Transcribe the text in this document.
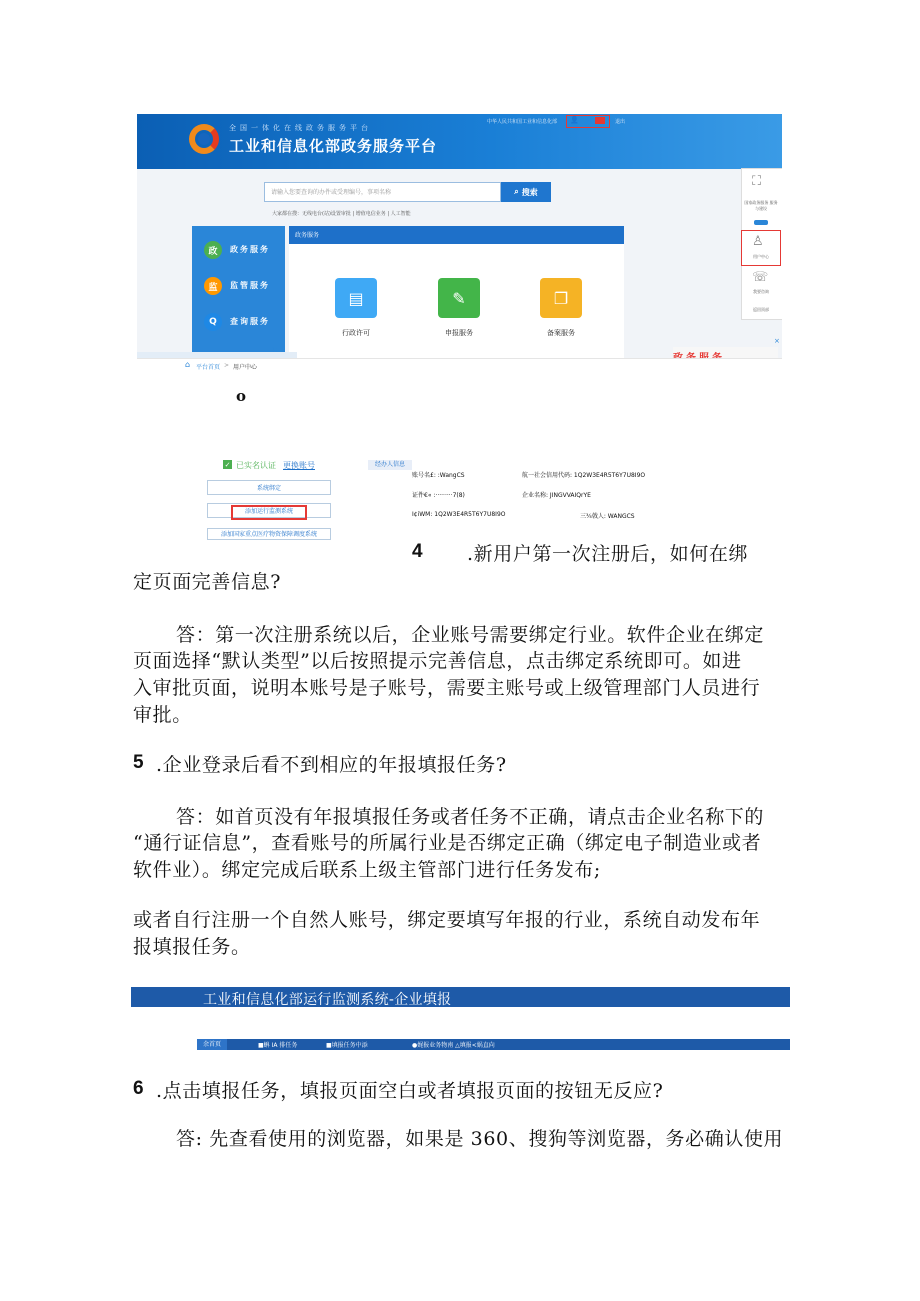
全国一体化在线政务服务平台
工业和信息化部政务服务平台
中华人民共和国工业和信息化部 👤	退出
请输入您要查询的办件或受理编号，事项名称	⌕ 搜索
大家都在搜：无线电台(站)设置审批 | 增值电信业务 | 人工智能
政	政务服务
监	监管服务
Q	查询服务
政务服务
▤
行政许可
✎
申报服务
❐
备案服务
⛶
国家政务服务 服务与建设
♙
用户中心
☏
我要咨询
返回顶部
×
×
⌂ 平台首页 > 用户中心
o
✓ 已实名认证 更换账号
系统绑定
添加运行监测系统
添加国家重点医疗物资保障调度系统
经办人信息
账号名£: :WangCS	航一社会信用代码: 1Q2W3E4R5T6Y7U8I9O
证件€« :·········7(8)	企业名称: JINGVVAIQrYE
I¢iWM: 1Q2W3E4R5T6Y7U8I9O	三¾戟人: WANGCS
4 .新用户第一次注册后，如何在绑
定页面完善信息?
答：第一次注册系统以后，企业账号需要绑定行业。软件企业在绑定
页面选择“默认类型”以后按照提示完善信息，点击绑定系统即可。如进
入审批页面，说明本账号是子账号，需要主账号或上级管理部门人员进行
审批。
5 .企业登录后看不到相应的年报填报任务?
答：如首页没有年报填报任务或者任务不正确，请点击企业名称下的
“通行证信息”，查看账号的所属行业是否绑定正确（绑定电子制造业或者
软件业）。绑定完成后联系上级主管部门进行任务发布;
或者自行注册一个自然人账号，绑定要填写年报的行业，系统自动发布年
报填报任务。
工业和信息化部运行监测系统-企业填报
余首页	■蝌 IA 排任务	■填报任务中添	●娓报业务物南 △填报<娲直向
6 .点击填报任务，填报页面空白或者填报页面的按钮无反应?
答: 先查看使用的浏览器，如果是 360、搜狗等浏览器，务必确认使用
